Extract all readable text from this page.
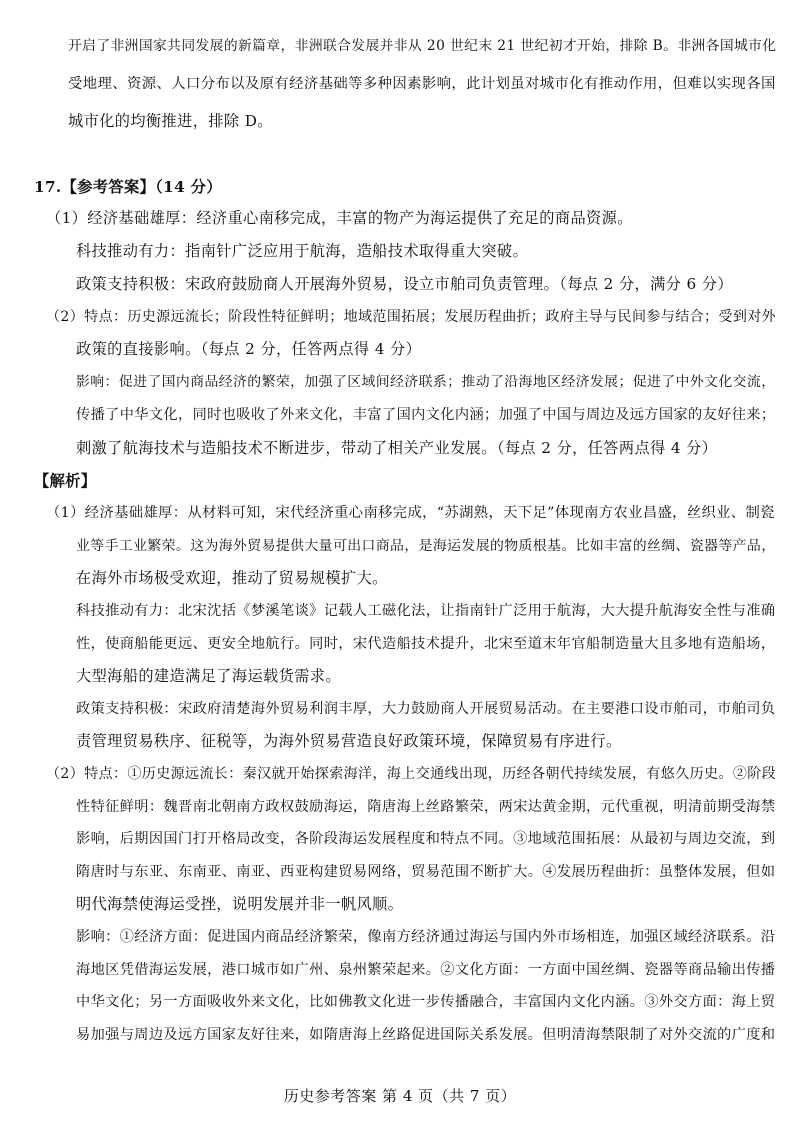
开启了非洲国家共同发展的新篇章，非洲联合发展并非从 20 世纪末 21 世纪初才开始，排除 B。非洲各国城市化
受地理、资源、人口分布以及原有经济基础等多种因素影响，此计划虽对城市化有推动作用，但难以实现各国
城市化的均衡推进，排除 D。
17.【参考答案】（14 分）
（1）经济基础雄厚：经济重心南移完成，丰富的物产为海运提供了充足的商品资源。
科技推动有力：指南针广泛应用于航海，造船技术取得重大突破。
政策支持积极：宋政府鼓励商人开展海外贸易，设立市舶司负责管理。（每点 2 分，满分 6 分）
（2）特点：历史源远流长；阶段性特征鲜明；地域范围拓展；发展历程曲折；政府主导与民间参与结合；受到对外
政策的直接影响。（每点 2 分，任答两点得 4 分）
影响：促进了国内商品经济的繁荣，加强了区域间经济联系；推动了沿海地区经济发展；促进了中外文化交流，
传播了中华文化，同时也吸收了外来文化，丰富了国内文化内涵；加强了中国与周边及远方国家的友好往来；
刺激了航海技术与造船技术不断进步，带动了相关产业发展。（每点 2 分，任答两点得 4 分）
【解析】
（1）经济基础雄厚：从材料可知，宋代经济重心南移完成，“苏湖熟，天下足”体现南方农业昌盛，丝织业、制瓷
业等手工业繁荣。这为海外贸易提供大量可出口商品，是海运发展的物质根基。比如丰富的丝绸、瓷器等产品，
在海外市场极受欢迎，推动了贸易规模扩大。
科技推动有力：北宋沈括《梦溪笔谈》记载人工磁化法，让指南针广泛用于航海，大大提升航海安全性与准确
性，使商船能更远、更安全地航行。同时，宋代造船技术提升，北宋至道末年官船制造量大且多地有造船场，
大型海船的建造满足了海运载货需求。
政策支持积极：宋政府清楚海外贸易利润丰厚，大力鼓励商人开展贸易活动。在主要港口设市舶司，市舶司负
责管理贸易秩序、征税等，为海外贸易营造良好政策环境，保障贸易有序进行。
（2）特点：①历史源远流长：秦汉就开始探索海洋，海上交通线出现，历经各朝代持续发展，有悠久历史。②阶段
性特征鲜明：魏晋南北朝南方政权鼓励海运，隋唐海上丝路繁荣，两宋达黄金期，元代重视，明清前期受海禁
影响，后期因国门打开格局改变，各阶段海运发展程度和特点不同。③地域范围拓展：从最初与周边交流，到
隋唐时与东亚、东南亚、南亚、西亚构建贸易网络，贸易范围不断扩大。④发展历程曲折：虽整体发展，但如
明代海禁使海运受挫，说明发展并非一帆风顺。
影响：①经济方面：促进国内商品经济繁荣，像南方经济通过海运与国内外市场相连，加强区域经济联系。沿
海地区凭借海运发展，港口城市如广州、泉州繁荣起来。②文化方面：一方面中国丝绸、瓷器等商品输出传播
中华文化；另一方面吸收外来文化，比如佛教文化进一步传播融合，丰富国内文化内涵。③外交方面：海上贸
易加强与周边及远方国家友好往来，如隋唐海上丝路促进国际关系发展。但明清海禁限制了对外交流的广度和
历史参考答案 第 4 页（共 7 页）
